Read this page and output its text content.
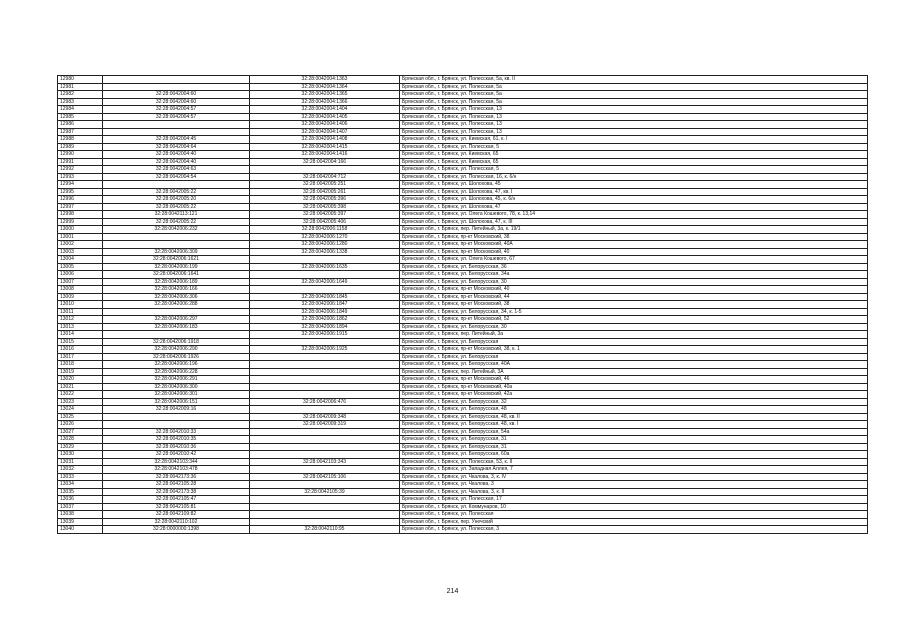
12980		32:28:0042004:1363	Брянская обл., г. Брянск, ул. Полесская, 5а, кв. II
12981		32:28:0042004:1364	Брянская обл., г. Брянск, ул. Полесская, 5а
12982	32:28:0042004:60	32:28:0042004:1365	Брянская обл., г. Брянск, ул. Полесская, 5а
12983	32:28:0042004:60	32:28:0042004:1366	Брянская обл., г. Брянск, ул. Полесская, 5а
12984	32:28:0042004:57	32:28:0042004:1404	Брянская обл., г. Брянск, ул. Полесская, 13
12985	32:28:0042004:57	32:28:0042004:1405	Брянская обл., г. Брянск, ул. Полесская, 13
12986		32:28:0042004:1406	Брянская обл., г. Брянск, ул. Полесская, 13
12987		32:28:0042004:1407	Брянская обл., г. Брянск, ул. Полесская, 13
12988	32:28:0042004:45	32:28:0042004:1408	Брянская обл., г. Брянск, ул. Киевская, 61, к. I
12989	32:28:0042004:64	32:28:0042004:1415	Брянская обл., г. Брянск, ул. Полесская, 5
12990	32:28:0042004:40	32:28:0042004:1416	Брянская обл., г. Брянск, ул. Киевская, 65
12991	32:28:0042004:40	32:28:0042004:166	Брянская обл., г. Брянск, ул. Киевская, 65
12992	32:28:0042004:63		Брянская обл., г. Брянск, ул. Полесская, 5
12993	32:28:0042004:54	32:28:0042004:712	Брянская обл., г. Брянск, ул. Полесская, 16, к. 6/н
12994		32:28:0042005:251	Брянская обл., г. Брянск, ул. Шолохова, 45
12995	32:28:0042005:22	32:28:0042005:261	Брянская обл., г. Брянск, ул. Шолохова, 47, кв. I
12996	32:28:0042005:20	32:28:0042005:396	Брянская обл., г. Брянск, ул. Шолохова, 45, к. 6/н
12997	32:28:0042005:22	32:28:0042005:398	Брянская обл., г. Брянск, ул. Шолохова, 47
12998	32:28:0042113:121	32:28:0042005:397	Брянская обл., г. Брянск, ул. Олега Кошевого, 78, к. 13,14
12999	32:28:0042005:22	32:28:0042005:406	Брянская обл., г. Брянск, ул. Шолохова, 47, к. III
13000	32:28:0042006:232	32:28:0042006:1158	Брянская обл., г. Брянск, пер. Литейный, 3а, к. 19/1
13001		32:28:0042006:1270	Брянская обл., г. Брянск, пр-кт Московский, 38
13002		32:28:0042006:1280	Брянская обл., г. Брянск, пр-кт Московский, 40А
13003	32:28:0042006:309	32:28:0042006:1338	Брянская обл., г. Брянск, пр-кт Московский, 40
13004	32:28:0042006:1621		Брянская обл., г. Брянск, ул. Олега Кошевого, 67
13005	32:28:0042006:199	32:28:0042006:1635	Брянская обл., г. Брянск, ул. Белорусская, 36
13006	32:28:0042006:1641		Брянская обл., г. Брянск, ул. Белорусская, 34а
13007	32:28:0042006:189	32:28:0042006:1649	Брянская обл., г. Брянск, ул. Белорусская, 30
13008	32:28:0042006:166		Брянская обл., г. Брянск, пр-кт Московский, 40
13009	32:28:0042006:306	32:28:0042006:1845	Брянская обл., г. Брянск, пр-кт Московский, 44
13010	32:28:0042006:288	32:28:0042006:1847	Брянская обл., г. Брянск, пр-кт Московский, 38
13011		32:28:0042006:1849	Брянская обл., г. Брянск, ул. Белорусская, 34, к. 1-5
13012	32:28:0042006:297	32:28:0042006:1862	Брянская обл., г. Брянск, пр-кт Московский, 52
13013	32:28:0042006:183	32:28:0042006:1894	Брянская обл., г. Брянск, ул. Белорусская, 30
13014		32:28:0042006:1915	Брянская обл., г. Брянск, пер. Литейный, 3а
13015	32:28:0042006:1918		Брянская обл., г. Брянск, ул. Белорусская
13016	32:28:0042006:290	32:28:0042006:1925	Брянская обл., г. Брянск, пр-кт Московский, 38, к. 1
13017	32:28:0042006:1926		Брянская обл., г. Брянск, ул. Белорусская
13018	32:28:0042006:196		Брянская обл., г. Брянск, ул. Белорусская, 40А
13019	32:28:0042006:228		Брянская обл., г. Брянск, пер. Литейный, 3А
13020	32:28:0042006:291		Брянская обл., г. Брянск, пр-кт Московский, 46
13021	32:28:0042006:300		Брянская обл., г. Брянск, пр-кт Московский, 40а
13022	32:28:0042006:301		Брянская обл., г. Брянск, пр-кт Московский, 42а
13023	32:28:0042006:151	32:28:0042006:476	Брянская обл., г. Брянск, ул. Белорусская, 32
13024	32:28:0042009:16		Брянская обл., г. Брянск, ул. Белорусская, 48
13025		32:28:0042009:348	Брянская обл., г. Брянск, ул. Белорусская, 48, кв. II
13026		32:28:0042009:319	Брянская обл., г. Брянск, ул. Белорусская, 48, кв. I
13027	32:28:0042010:33		Брянская обл., г. Брянск, ул. Белорусская, 54а
13028	32:28:0042010:35		Брянская обл., г. Брянск, ул. Белорусская, 31
13029	32:28:0042010:36		Брянская обл., г. Брянск, ул. Белорусская, 31
13030	32:28:0042010:42		Брянская обл., г. Брянск, ул. Белорусская, 60а
13031	32:28:0042103:344	32:28:0042103:343	Брянская обл., г. Брянск, ул. Полесская, 53, к. II
13032	32:28:0042103:478		Брянская обл., г. Брянск, ул. Западная Аллея, 7
13033	32:28:0042173:36	32:28:0042105:106	Брянская обл., г. Брянск, ул. Чкалова, 3, к. IV
13034	32:28:0042105:28		Брянская обл., г. Брянск, ул. Чкалова, 3
13035	32:28:0042173:38	32:28:0042105:39	Брянская обл., г. Брянск, ул. Чкалова, 3, к. II
13036	32:28:0042105:47		Брянская обл., г. Брянск, ул. Полесская, 17
13037	32:28:0042105:81		Брянская обл., г. Брянск, ул. Коммунаров, 10
13038	32:28:0042109:82		Брянская обл., г. Брянск, ул. Полесская
13039	32:28:0042110:102		Брянская обл., г. Брянск, пер. Унечский
13040	32:28:0000000:1398	32:28:0042110:95	Брянская обл., г. Брянск, ул. Полесская, 3
214
